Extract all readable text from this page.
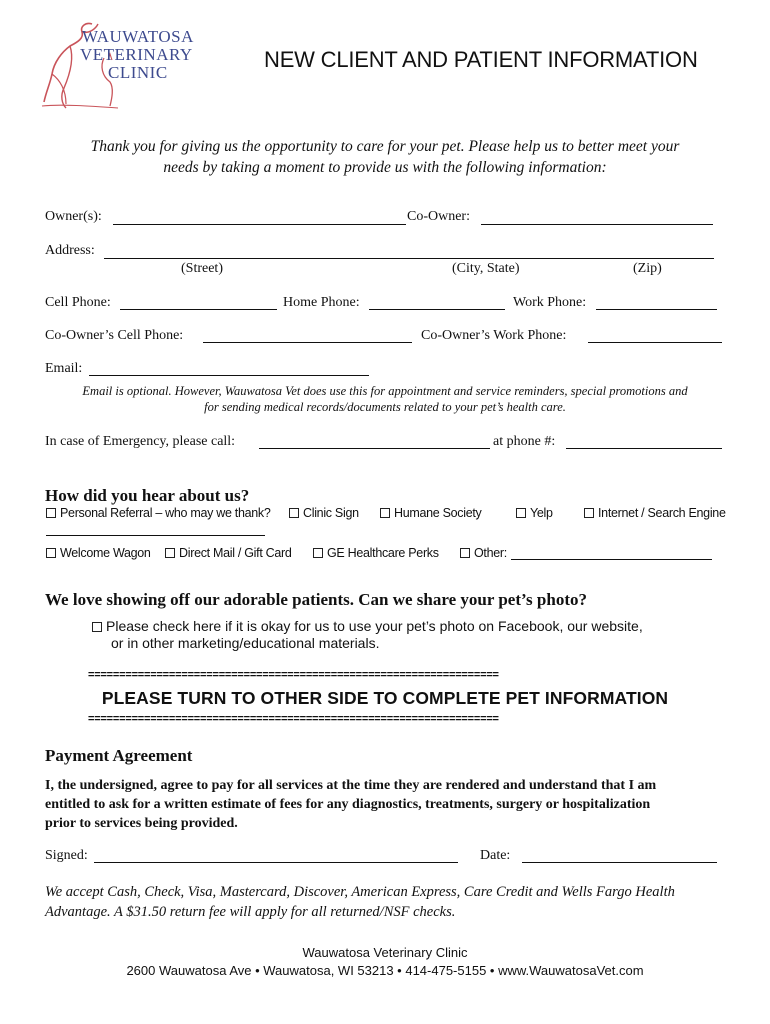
WAUWATOSA
VETERINARY
CLINIC
NEW CLIENT AND PATIENT INFORMATION
Thank you for giving us the opportunity to care for your pet. Please help us to better meet your
needs by taking a moment to provide us with the following information:
Owner(s):	Co-Owner:
Address:
(Street)	(City, State)	(Zip)
Cell Phone:	Home Phone:	Work Phone:
Co-Owner’s Cell Phone:	Co-Owner’s Work Phone:
Email:
Email is optional. However, Wauwatosa Vet does use this for appointment and service reminders, special promotions and
for sending medical records/documents related to your pet’s health care.
In case of Emergency, please call:	at phone #:
How did you hear about us?
Personal Referral – who may we thank?	Clinic Sign	Humane Society	Yelp	Internet / Search Engine
Welcome Wagon	Direct Mail / Gift Card	GE Healthcare Perks	Other:
We love showing off our adorable patients. Can we share your pet’s photo?
Please check here if it is okay for us to use your pet’s photo on Facebook, our website,
or in other marketing/educational materials.
==================================================================
PLEASE TURN TO OTHER SIDE TO COMPLETE PET INFORMATION
==================================================================
Payment Agreement
I, the undersigned, agree to pay for all services at the time they are rendered and understand that I am
entitled to ask for a written estimate of fees for any diagnostics, treatments, surgery or hospitalization
prior to services being provided.
Signed:	Date:
We accept Cash, Check, Visa, Mastercard, Discover, American Express, Care Credit and Wells Fargo Health
Advantage. A $31.50 return fee will apply for all returned/NSF checks.
Wauwatosa Veterinary Clinic
2600 Wauwatosa Ave • Wauwatosa, WI 53213 • 414-475-5155 • www.WauwatosaVet.com
